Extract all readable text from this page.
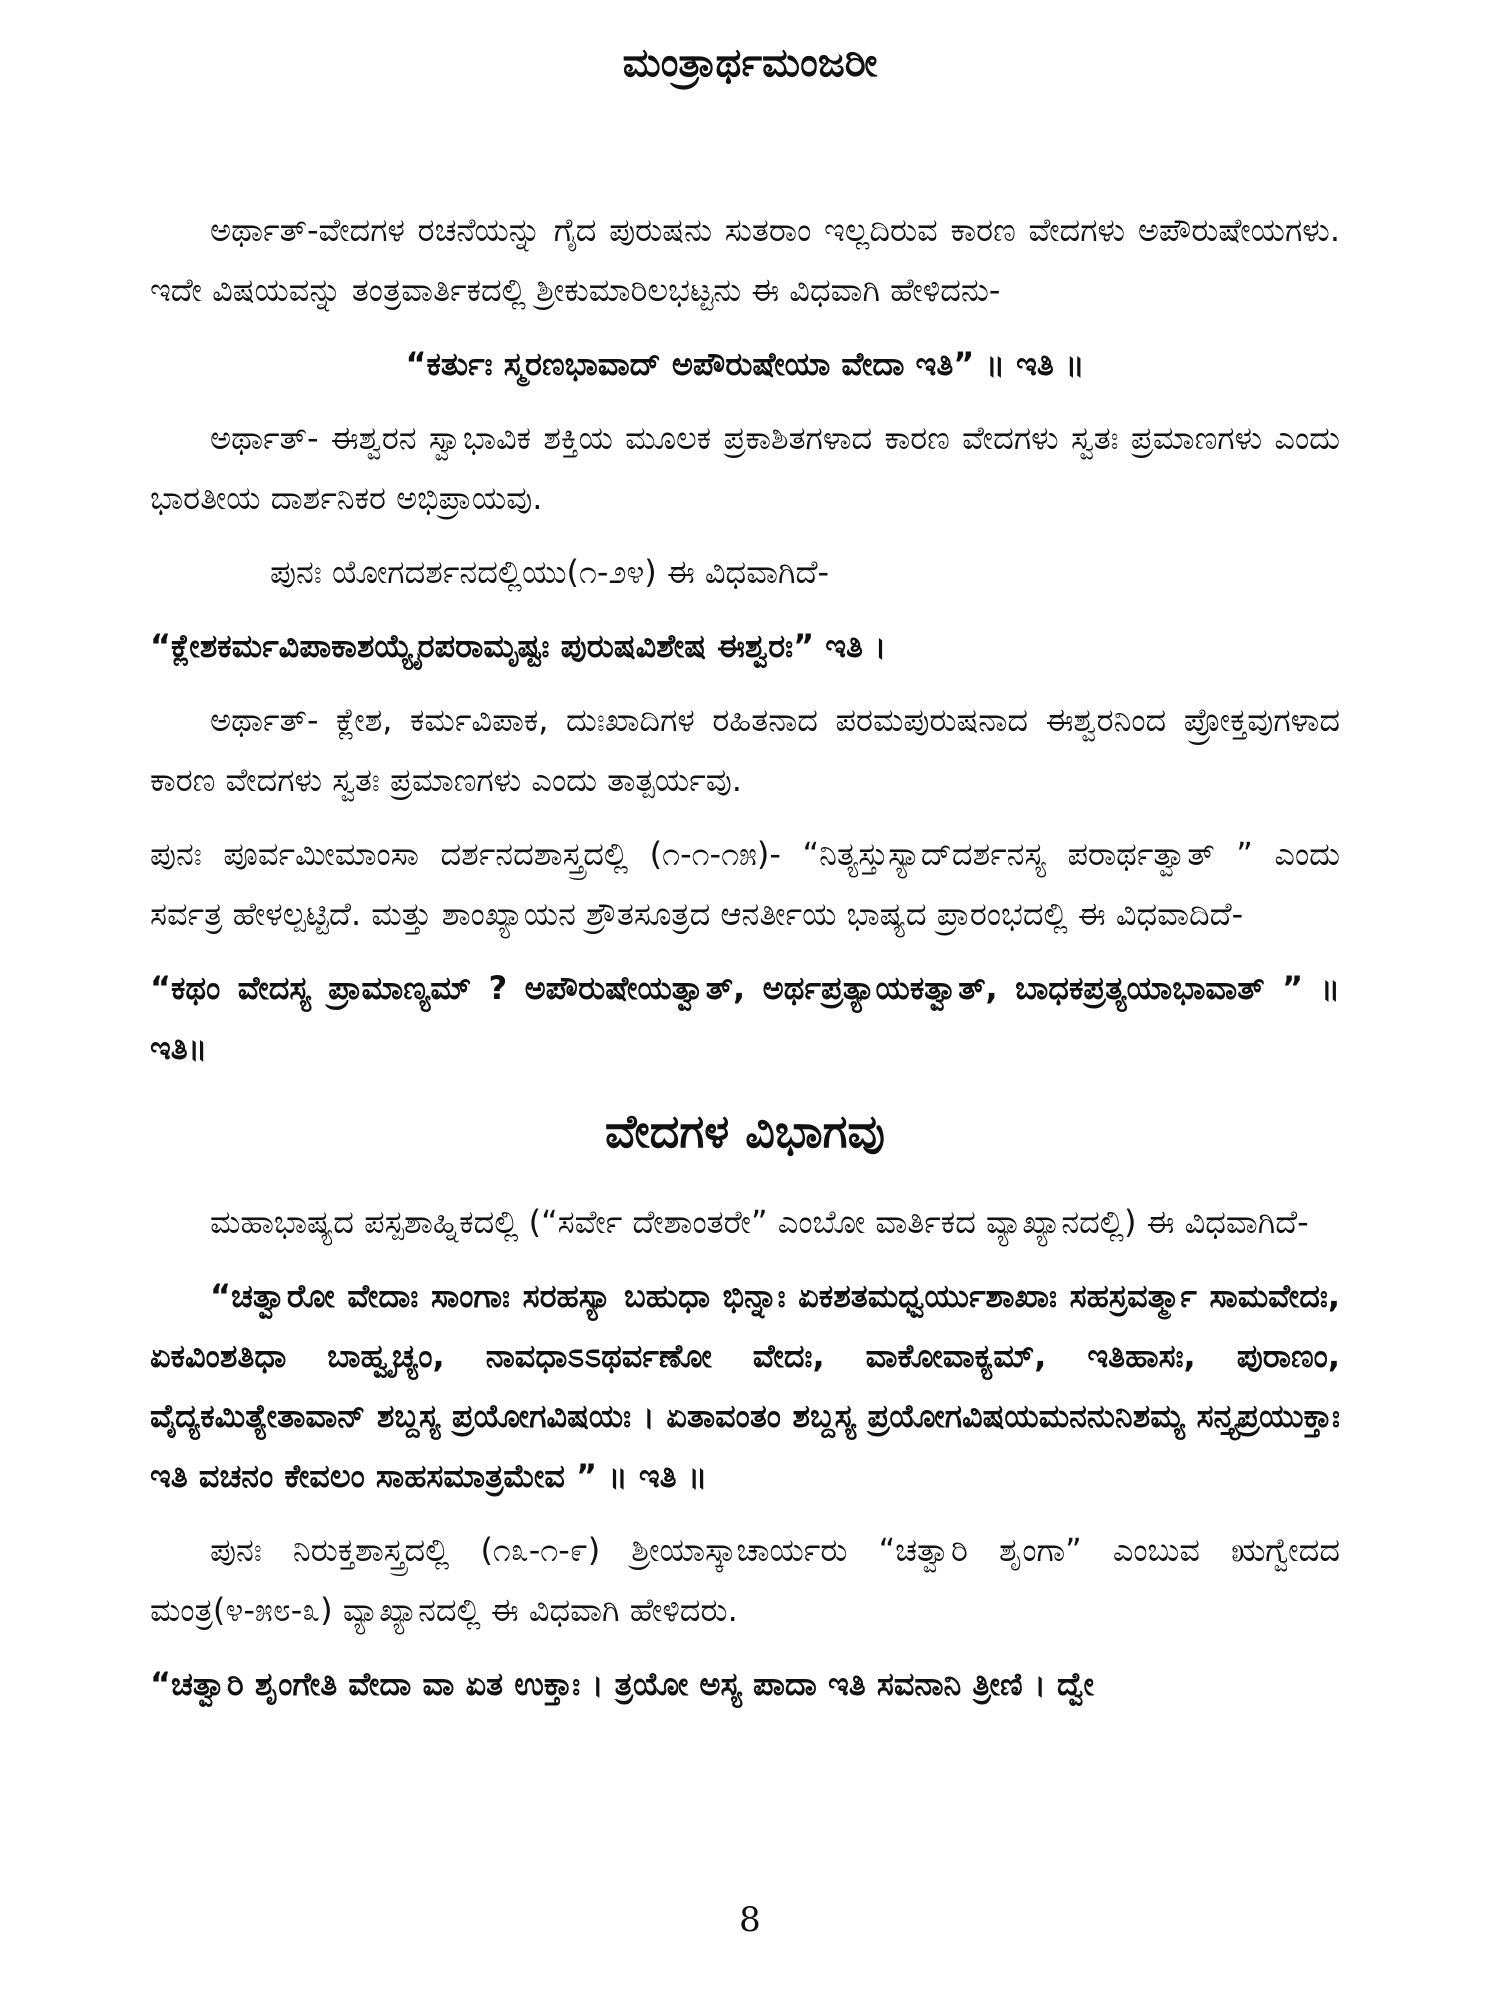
ಮಂತ್ರಾರ್ಥಮಂಜರೀ

ಅರ್ಥಾತ್-ವೇದಗಳ ರಚನೆಯನ್ನು ಗೈದ ಪುರುಷನು ಸುತರಾಂ ಇಲ್ಲದಿರುವ ಕಾರಣ ವೇದಗಳು ಅಪೌರುಷೇಯಗಳು. ಇದೇ ವಿಷಯವನ್ನು ತಂತ್ರವಾರ್ತಿಕದಲ್ಲಿ ಶ್ರೀಕುಮಾರಿಲಭಟ್ಟನು ಈ ವಿಧವಾಗಿ ಹೇಳಿದನು-

“ಕರ್ತುಃ ಸ್ಮರಣಭಾವಾದ್ ಅಪೌರುಷೇಯಾ ವೇದಾ ಇತಿ” ॥ ಇತಿ ॥

ಅರ್ಥಾತ್- ಈಶ್ವರನ ಸ್ವಾಭಾವಿಕ ಶಕ್ತಿಯ ಮೂಲಕ ಪ್ರಕಾಶಿತಗಳಾದ ಕಾರಣ ವೇದಗಳು ಸ್ವತಃ ಪ್ರಮಾಣಗಳು ಎಂದು ಭಾರತೀಯ ದಾರ್ಶನಿಕರ ಅಭಿಪ್ರಾಯವು.

ಪುನಃ ಯೋಗದರ್ಶನದಲ್ಲಿಯು(೧-೨೪) ಈ ವಿಧವಾಗಿದೆ-

“ಕ್ಲೇಶಕರ್ಮವಿಪಾಕಾಶಯ್ಯೈರಪರಾಮೃಷ್ಟಃ ಪುರುಷವಿಶೇಷ ಈಶ್ವರಃ” ಇತಿ ।

ಅರ್ಥಾತ್- ಕ್ಲೇಶ, ಕರ್ಮವಿಪಾಕ, ದುಃಖಾದಿಗಳ ರಹಿತನಾದ ಪರಮಪುರುಷನಾದ ಈಶ್ವರನಿಂದ ಪ್ರೋಕ್ತವುಗಳಾದ ಕಾರಣ ವೇದಗಳು ಸ್ವತಃ ಪ್ರಮಾಣಗಳು ಎಂದು ತಾತ್ಪರ್ಯವು.

ಪುನಃ ಪೂರ್ವಮೀಮಾಂಸಾ ದರ್ಶನದಶಾಸ್ತ್ರದಲ್ಲಿ (೧-೧-೧೫)- “ನಿತ್ಯಸ್ತುಸ್ಯಾದ್‌ದರ್ಶನಸ್ಯ ಪರಾರ್ಥತ್ವಾತ್ ” ಎಂದು ಸರ್ವತ್ರ ಹೇಳಲ್ಪಟ್ಟಿದೆ. ಮತ್ತು ಶಾಂಖ್ಯಾಯನ ಶ್ರೌತಸೂತ್ರದ ಆನರ್ತೀಯ ಭಾಷ್ಯದ ಪ್ರಾರಂಭದಲ್ಲಿ ಈ ವಿಧವಾದಿದೆ-

“ಕಥಂ ವೇದಸ್ಯ ಪ್ರಾಮಾಣ್ಯಮ್ ? ಅಪೌರುಷೇಯತ್ವಾತ್, ಅರ್ಥಪ್ರತ್ಯಾಯಕತ್ವಾತ್, ಬಾಧಕಪ್ರತ್ಯಯಾಭಾವಾತ್ ” ॥ ಇತಿ॥

ವೇದಗಳ ವಿಭಾಗವು

ಮಹಾಭಾಷ್ಯದ ಪಸ್ಪಶಾಹ್ನಿಕದಲ್ಲಿ (“ಸರ್ವೇ ದೇಶಾಂತರೇ” ಎಂಬೋ ವಾರ್ತಿಕದ ವ್ಯಾಖ್ಯಾನದಲ್ಲಿ) ಈ ವಿಧವಾಗಿದೆ-

“ಚತ್ವಾರೋ ವೇದಾಃ ಸಾಂಗಾಃ ಸರಹಸ್ಯಾ ಬಹುಧಾ ಭಿನ್ನಾಃ ಏಕಶತಮಧ್ವರ್ಯುಶಾಖಾಃ ಸಹಸ್ರವರ್ತ್ಮಾ ಸಾಮವೇದಃ, ಏಕವಿಂಶತಿಧಾ ಬಾಹ್ವೃಚ್ಯಂ, ನಾವಧಾಽಽಥರ್ವಣೋ ವೇದಃ, ವಾಕೋವಾಕ್ಯಮ್, ಇತಿಹಾಸಃ, ಪುರಾಣಂ, ವೈದ್ಯಕಮಿತ್ಯೇತಾವಾನ್ ಶಬ್ದಸ್ಯ ಪ್ರಯೋಗವಿಷಯಃ । ಏತಾವಂತಂ ಶಬ್ದಸ್ಯ ಪ್ರಯೋಗವಿಷಯಮನನುನಿಶಮ್ಯ ಸನ್ತ್ಯಪ್ರಯುಕ್ತಾಃ ಇತಿ ವಚನಂ ಕೇವಲಂ ಸಾಹಸಮಾತ್ರಮೇವ ” ॥ ಇತಿ ॥

ಪುನಃ ನಿರುಕ್ತಶಾಸ್ತ್ರದಲ್ಲಿ (೧೩-೧-೯) ಶ್ರೀಯಾಸ್ಕಾಚಾರ್ಯರು “ಚತ್ವಾರಿ ಶೃಂಗಾ” ಎಂಬುವ ಋಗ್ವೇದದ ಮಂತ್ರ(೪-೫೮-೩) ವ್ಯಾಖ್ಯಾನದಲ್ಲಿ ಈ ವಿಧವಾಗಿ ಹೇಳಿದರು.

“ಚತ್ವಾರಿ ಶೃಂಗೇತಿ ವೇದಾ ವಾ ಏತ ಉಕ್ತಾಃ । ತ್ರಯೋ ಅಸ್ಯ ಪಾದಾ ಇತಿ ಸವನಾನಿ ತ್ರೀಣಿ । ದ್ವೇ

8
